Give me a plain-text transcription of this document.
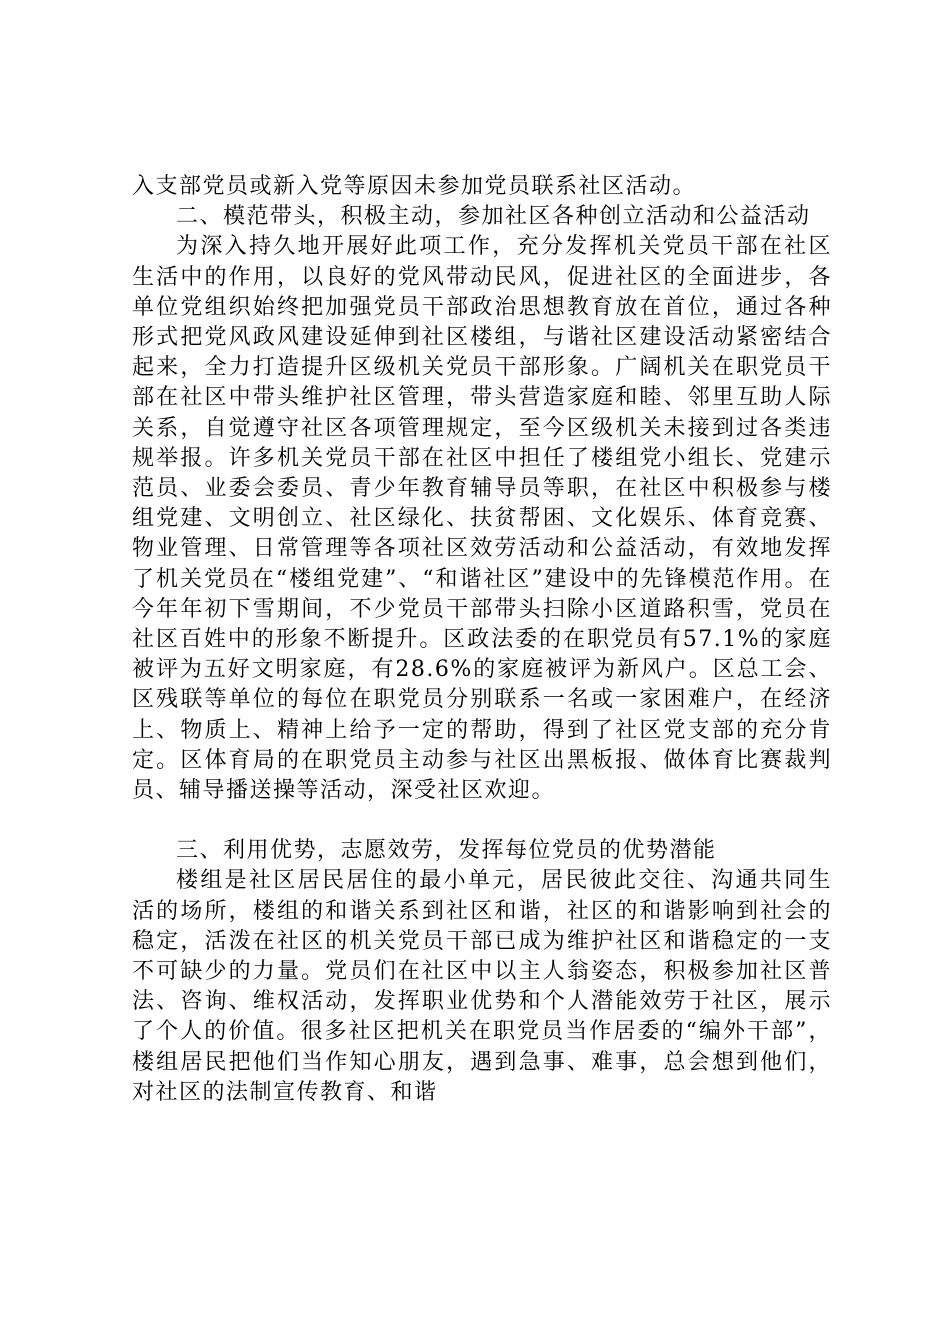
入支部党员或新入党等原因未参加党员联系社区活动。

二、模范带头，积极主动，参加社区各种创立活动和公益活动

为深入持久地开展好此项工作，充分发挥机关党员干部在社区生活中的作用，以良好的党风带动民风，促进社区的全面进步，各单位党组织始终把加强党员干部政治思想教育放在首位，通过各种形式把党风政风建设延伸到社区楼组，与谐社区建设活动紧密结合起来，全力打造提升区级机关党员干部形象。广阔机关在职党员干部在社区中带头维护社区管理，带头营造家庭和睦、邻里互助人际关系，自觉遵守社区各项管理规定，至今区级机关未接到过各类违规举报。许多机关党员干部在社区中担任了楼组党小组长、党建示范员、业委会委员、青少年教育辅导员等职，在社区中积极参与楼组党建、文明创立、社区绿化、扶贫帮困、文化娱乐、体育竞赛、物业管理、日常管理等各项社区效劳活动和公益活动，有效地发挥了机关党员在“楼组党建”、“和谐社区”建设中的先锋模范作用。在今年年初下雪期间，不少党员干部带头扫除小区道路积雪，党员在社区百姓中的形象不断提升。区政法委的在职党员有57.1%的家庭被评为五好文明家庭，有28.6%的家庭被评为新风户。区总工会、区残联等单位的每位在职党员分别联系一名或一家困难户，在经济上、物质上、精神上给予一定的帮助，得到了社区党支部的充分肯定。区体育局的在职党员主动参与社区出黑板报、做体育比赛裁判员、辅导播送操等活动，深受社区欢迎。

三、利用优势，志愿效劳，发挥每位党员的优势潜能

楼组是社区居民居住的最小单元，居民彼此交往、沟通共同生活的场所，楼组的和谐关系到社区和谐，社区的和谐影响到社会的稳定，活泼在社区的机关党员干部已成为维护社区和谐稳定的一支不可缺少的力量。党员们在社区中以主人翁姿态，积极参加社区普法、咨询、维权活动，发挥职业优势和个人潜能效劳于社区，展示了个人的价值。很多社区把机关在职党员当作居委的“编外干部”，楼组居民把他们当作知心朋友，遇到急事、难事，总会想到他们，对社区的法制宣传教育、和谐
